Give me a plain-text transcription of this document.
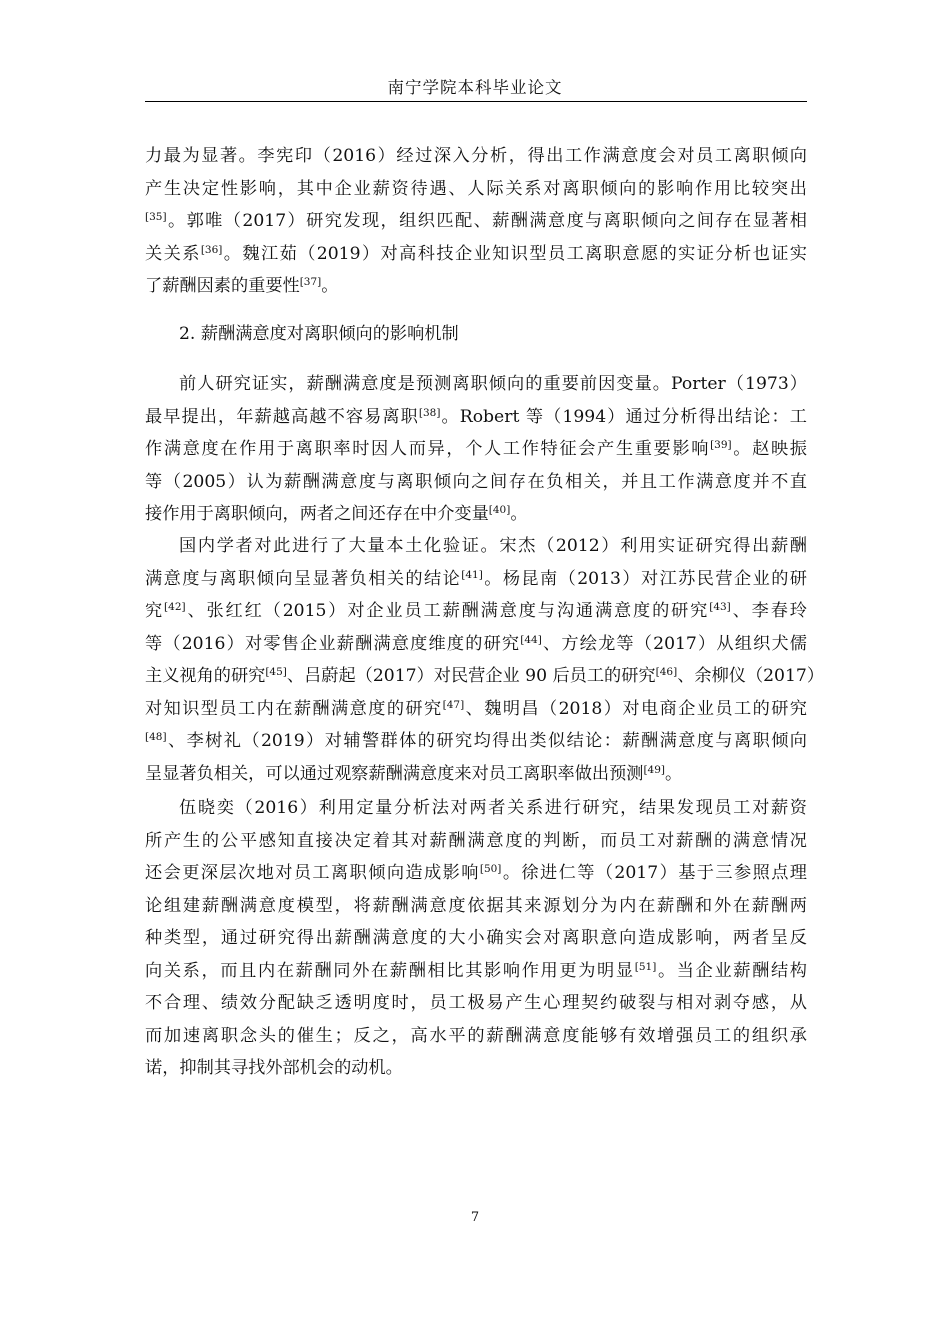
南宁学院本科毕业论文
力最为显著。李宪印（2016）经过深入分析，得出工作满意度会对员工离职倾向
产生决定性影响，其中企业薪资待遇、人际关系对离职倾向的影响作用比较突出
[35]。郭唯（2017）研究发现，组织匹配、薪酬满意度与离职倾向之间存在显著相
关关系[36]。魏江茹（2019）对高科技企业知识型员工离职意愿的实证分析也证实
了薪酬因素的重要性[37]。
2. 薪酬满意度对离职倾向的影响机制
前人研究证实，薪酬满意度是预测离职倾向的重要前因变量。Porter（1973）
最早提出，年薪越高越不容易离职[38]。Robert 等（1994）通过分析得出结论：工
作满意度在作用于离职率时因人而异，个人工作特征会产生重要影响[39]。赵映振
等（2005）认为薪酬满意度与离职倾向之间存在负相关，并且工作满意度并不直
接作用于离职倾向，两者之间还存在中介变量[40]。
国内学者对此进行了大量本土化验证。宋杰（2012）利用实证研究得出薪酬
满意度与离职倾向呈显著负相关的结论[41]。杨昆南（2013）对江苏民营企业的研
究[42]、张红红（2015）对企业员工薪酬满意度与沟通满意度的研究[43]、李春玲
等（2016）对零售企业薪酬满意度维度的研究[44]、方绘龙等（2017）从组织犬儒
主义视角的研究[45]、吕蔚起（2017）对民营企业 90 后员工的研究[46]、余柳仪（2017）
对知识型员工内在薪酬满意度的研究[47]、魏明昌（2018）对电商企业员工的研究
[48]、李树礼（2019）对辅警群体的研究均得出类似结论：薪酬满意度与离职倾向
呈显著负相关，可以通过观察薪酬满意度来对员工离职率做出预测[49]。
伍晓奕（2016）利用定量分析法对两者关系进行研究，结果发现员工对薪资
所产生的公平感知直接决定着其对薪酬满意度的判断，而员工对薪酬的满意情况
还会更深层次地对员工离职倾向造成影响[50]。徐进仁等（2017）基于三参照点理
论组建薪酬满意度模型，将薪酬满意度依据其来源划分为内在薪酬和外在薪酬两
种类型，通过研究得出薪酬满意度的大小确实会对离职意向造成影响，两者呈反
向关系，而且内在薪酬同外在薪酬相比其影响作用更为明显[51]。当企业薪酬结构
不合理、绩效分配缺乏透明度时，员工极易产生心理契约破裂与相对剥夺感，从
而加速离职念头的催生；反之，高水平的薪酬满意度能够有效增强员工的组织承
诺，抑制其寻找外部机会的动机。
7
